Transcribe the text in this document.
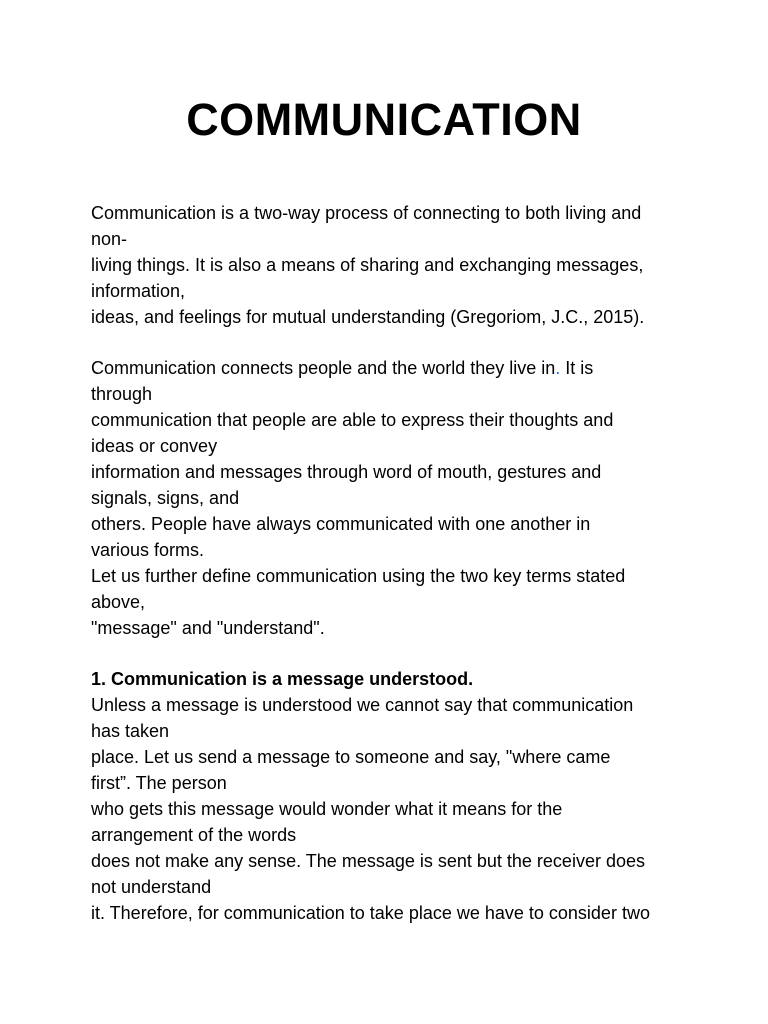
COMMUNICATION

Communication is a two-way process of connecting to both living and

non-

living things. It is also a means of sharing and exchanging messages,

information,

ideas, and feelings for mutual understanding (Gregoriom, J.C., 2015).

Communication connects people and the world they live in. It is

through

communication that people are able to express their thoughts and

ideas or convey

information and messages through word of mouth, gestures and

signals, signs, and

others. People have always communicated with one another in

various forms.

Let us further define communication using the two key terms stated

above,

"message" and "understand".

1. Communication is a message understood.

Unless a message is understood we cannot say that communication

has taken

place. Let us send a message to someone and say, "where came

first”. The person

who gets this message would wonder what it means for the

arrangement of the words

does not make any sense. The message is sent but the receiver does

not understand

it. Therefore, for communication to take place we have to consider two
